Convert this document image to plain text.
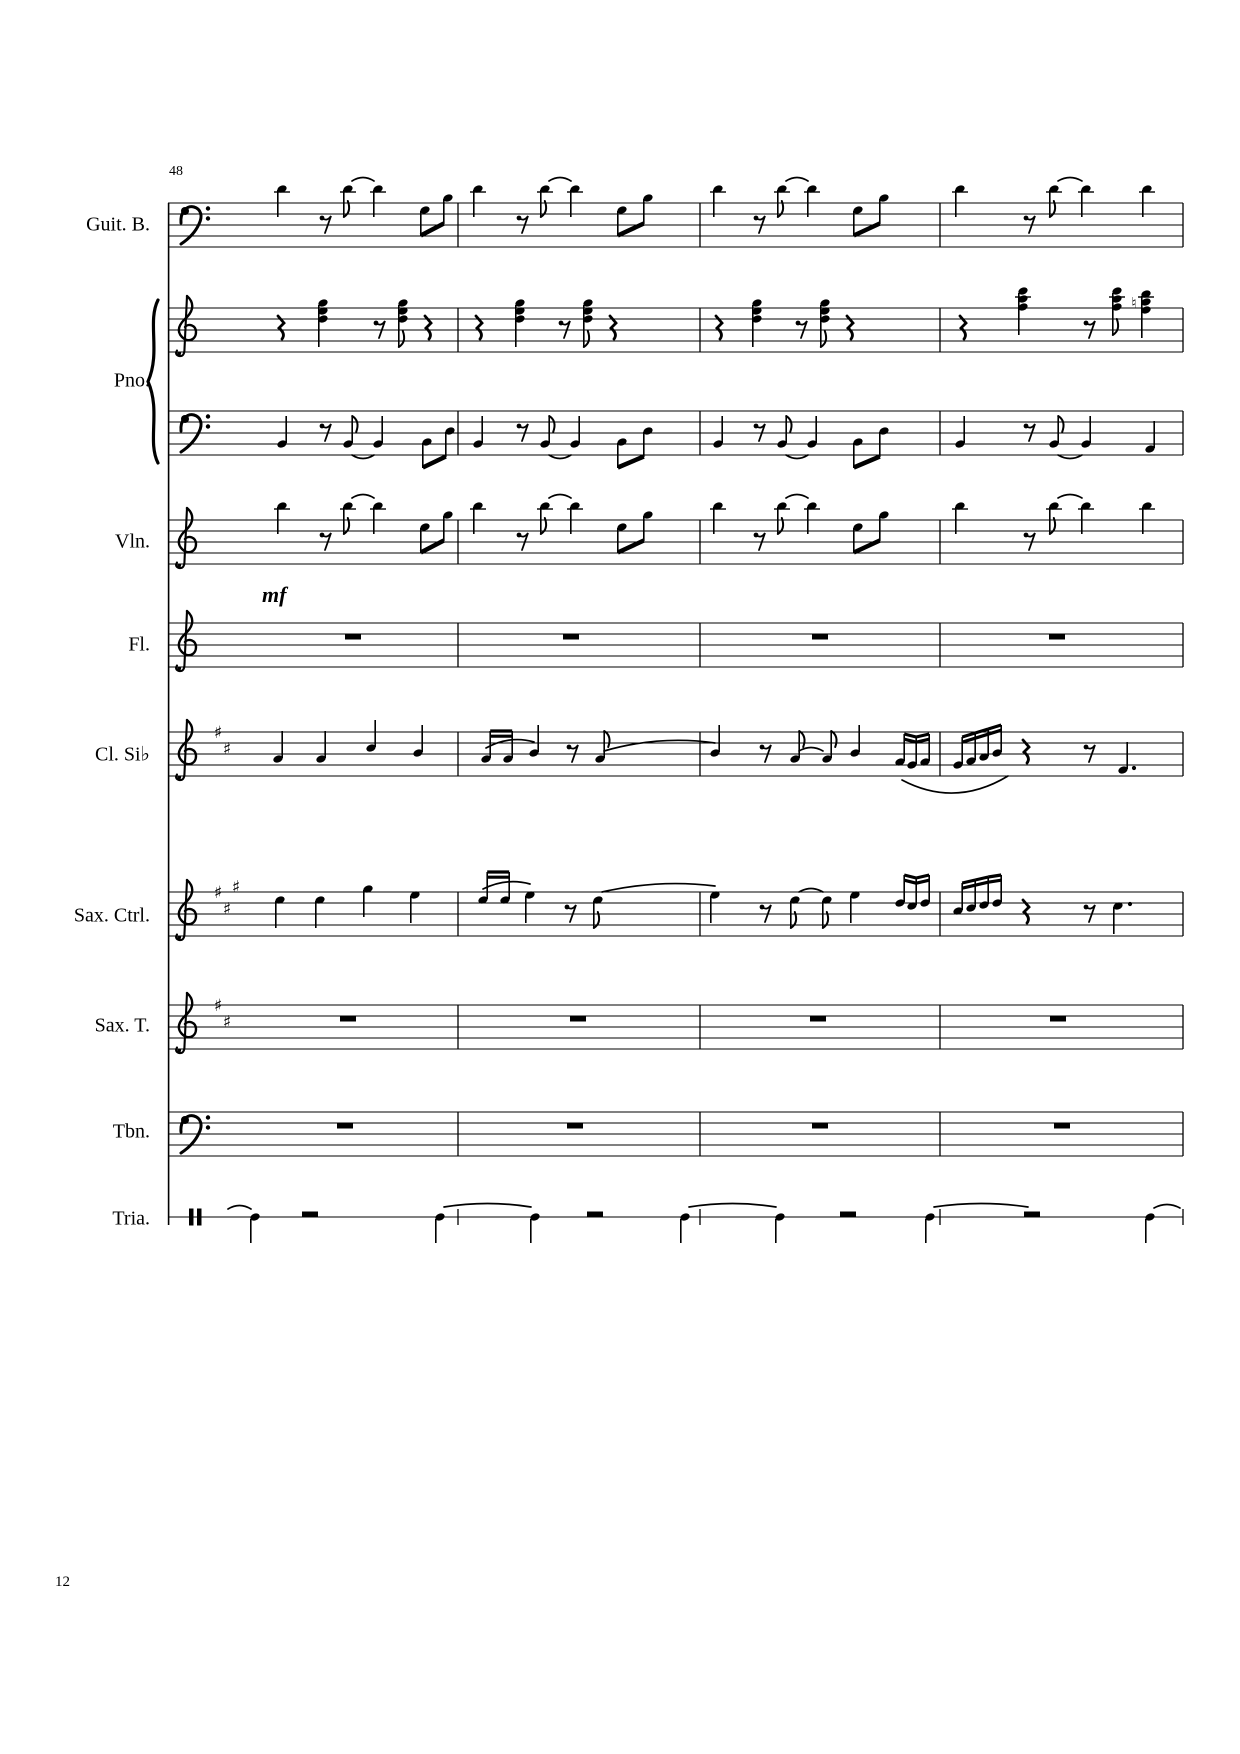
♮
♯
♯
♯
♯
♯
♯
♯
48
Guit. B.
Pno.
Vln.
Fl.
Cl. Si♭
Sax. Ctrl.
Sax. T.
Tbn.
Tria.
mf
12
